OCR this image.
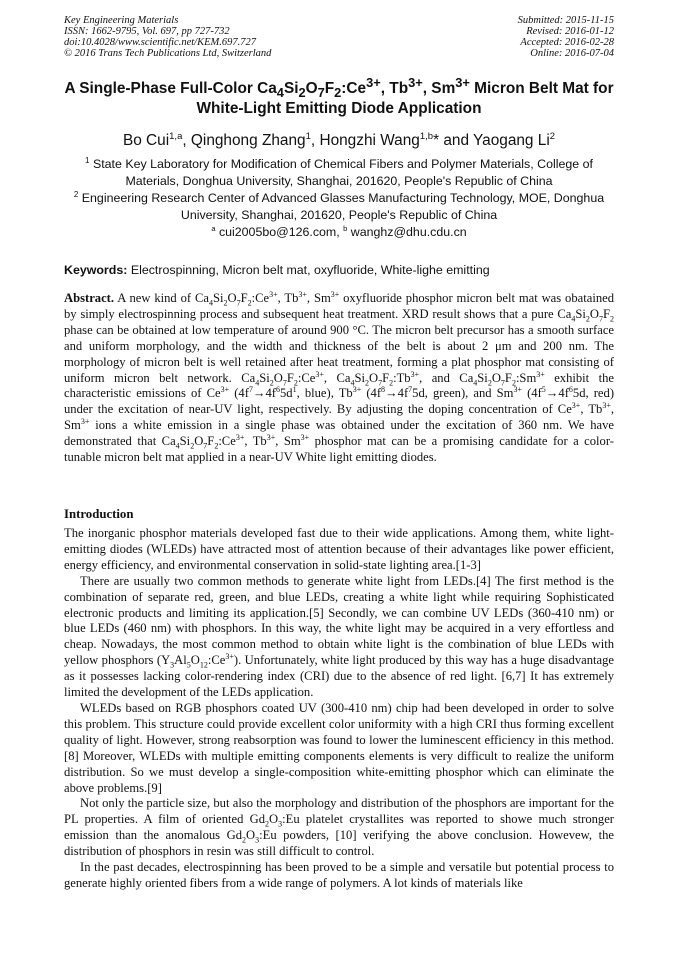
Key Engineering Materials
ISSN: 1662-9795, Vol. 697, pp 727-732
doi:10.4028/www.scientific.net/KEM.697.727
© 2016 Trans Tech Publications Ltd, Switzerland
Submitted: 2015-11-15
Revised: 2016-01-12
Accepted: 2016-02-28
Online: 2016-07-04
A Single-Phase Full-Color $Ca_4Si_2O_7F_2:Ce^{3+}$, $Tb^{3+}$, $Sm^{3+}$ Micron Belt Mat for
White-Light Emitting Diode Application
Bo Cui$^{1,a}$, Qinghong Zhang$^1$, Hongzhi Wang$^{1,b}$* and Yaogang Li$^2$
$^1$ State Key Laboratory for Modification of Chemical Fibers and Polymer Materials, College of Materials, Donghua University, Shanghai, 201620, People's Republic of China
$^2$ Engineering Research Center of Advanced Glasses Manufacturing Technology, MOE, Donghua University, Shanghai, 201620, People's Republic of China
$^a$ cui2005bo@126.com, $^b$ wanghz@dhu.cdu.cn
Keywords: Electrospinning, Micron belt mat, oxyfluoride, White-lighe emitting

Abstract. A new kind of $Ca_4Si_2O_7F_2:Ce^{3+}$, $Tb^{3+}$, $Sm^{3+}$ oxyfluoride phosphor micron belt mat was obatained by simply electrospinning process and subsequent heat treatment. XRD result shows that a pure $Ca_4Si_2O_7F_2$ phase can be obtained at low temperature of around 900 °C. The micron belt precursor has a smooth surface and uniform morphology, and the width and thickness of the belt is about 2 μm and 200 nm. The morphology of micron belt is well retained after heat treatment, forming a plat phosphor mat consisting of uniform micron belt network. $Ca_4Si_2O_7F_2:Ce^{3+}$, $Ca_4Si_2O_7F_2:Tb^{3+}$, and $Ca_4Si_2O_7F_2:Sm^{3+}$ exhibit the characteristic emissions of $Ce^{3+}$ ($4f^7\to 4f^65d^1$, blue), $Tb^{3+}$ ($4f^8\to 4f^75d$, green), and $Sm^{3+}$ ($4f^5\to 4f^65d$, red) under the excitation of near-UV light, respectively. By adjusting the doping concentration of $Ce^{3+}$, $Tb^{3+}$, $Sm^{3+}$ ions a white emission in a single phase was obtained under the excitation of 360 nm. We have demonstrated that $Ca_4Si_2O_7F_2:Ce^{3+}$, $Tb^{3+}$, $Sm^{3+}$ phosphor mat can be a promising candidate for a color-tunable micron belt mat applied in a near-UV White light emitting diodes.

Introduction

The inorganic phosphor materials developed fast due to their wide applications. Among them, white light-emitting diodes (WLEDs) have attracted most of attention because of their advantages like power efficient, energy efficiency, and environmental conservation in solid-state lighting area.[1-3]

There are usually two common methods to generate white light from LEDs.[4] The first method is the combination of separate red, green, and blue LEDs, creating a white light while requiring Sophisticated electronic products and limiting its application.[5] Secondly, we can combine UV LEDs (360-410 nm) or blue LEDs (460 nm) with phosphors. In this way, the white light may be acquired in a very effortless and cheap. Nowadays, the most common method to obtain white light is the combination of blue LEDs with yellow phosphors $(Y_3Al_5O_{12}:Ce^{3+})$. Unfortunately, white light produced by this way has a huge disadvantage as it possesses lacking color-rendering index (CRI) due to the absence of red light. [6,7] It has extremely limited the development of the LEDs application.

WLEDs based on RGB phosphors coated UV (300-410 nm) chip had been developed in order to solve this problem. This structure could provide excellent color uniformity with a high CRI thus forming excellent quality of light. However, strong reabsorption was found to lower the luminescent efficiency in this method.[8] Moreover, WLEDs with multiple emitting components elements is very difficult to realize the uniform distribution. So we must develop a single-composition white-emitting phosphor which can eliminate the above problems.[9]

Not only the particle size, but also the morphology and distribution of the phosphors are important for the PL properties. A film of oriented $Gd_2O_3:Eu$ platelet crystallites was reported to showe much stronger emission than the anomalous $Gd_2O_3:Eu$ powders, [10] verifying the above conclusion. Howevew, the distribution of phosphors in resin was still difficult to control.

In the past decades, electrospinning has been proved to be a simple and versatile but potential process to generate highly oriented fibers from a wide range of polymers. A lot kinds of materials like
